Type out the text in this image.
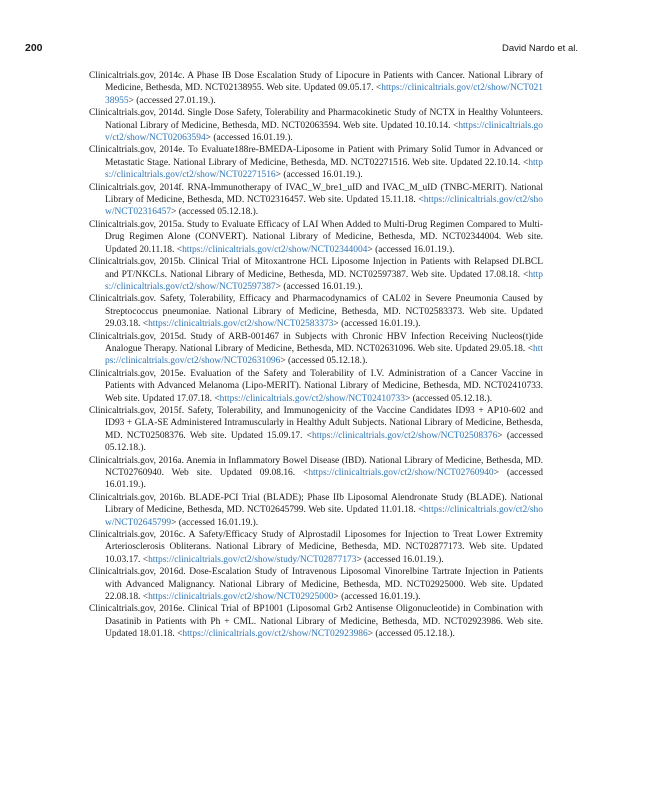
200	David Nardo et al.

Clinicaltrials.gov, 2014c. A Phase IB Dose Escalation Study of Lipocure in Patients with Cancer. National Library of Medicine, Bethesda, MD. NCT02138955. Web site. Updated 09.05.17. <https://clinicaltrials.gov/ct2/show/NCT02138955> (accessed 27.01.19.).

Clinicaltrials.gov, 2014d. Single Dose Safety, Tolerability and Pharmacokinetic Study of NCTX in Healthy Volunteers. National Library of Medicine, Bethesda, MD. NCT02063594. Web site. Updated 10.10.14. <https://clinicaltrials.gov/ct2/show/NCT02063594> (accessed 16.01.19.).

Clinicaltrials.gov, 2014e. To Evaluate188re-BMEDA-Liposome in Patient with Primary Solid Tumor in Advanced or Metastatic Stage. National Library of Medicine, Bethesda, MD. NCT02271516. Web site. Updated 22.10.14. <https://clinicaltrials.gov/ct2/show/NCT02271516> (accessed 16.01.19.).

Clinicaltrials.gov, 2014f. RNA-Immunotherapy of IVAC_W_bre1_uID and IVAC_M_uID (TNBC-MERIT). National Library of Medicine, Bethesda, MD. NCT02316457. Web site. Updated 15.11.18. <https://clinicaltrials.gov/ct2/show/NCT02316457> (accessed 05.12.18.).

Clinicaltrials.gov, 2015a. Study to Evaluate Efficacy of LAI When Added to Multi-Drug Regimen Compared to Multi-Drug Regimen Alone (CONVERT). National Library of Medicine, Bethesda, MD. NCT02344004. Web site. Updated 20.11.18. <https://clinicaltrials.gov/ct2/show/NCT02344004> (accessed 16.01.19.).

Clinicaltrials.gov, 2015b. Clinical Trial of Mitoxantrone HCL Liposome Injection in Patients with Relapsed DLBCL and PT/NKCLs. National Library of Medicine, Bethesda, MD. NCT02597387. Web site. Updated 17.08.18. <https://clinicaltrials.gov/ct2/show/NCT02597387> (accessed 16.01.19.).

Clinicaltrials.gov. Safety, Tolerability, Efficacy and Pharmacodynamics of CAL02 in Severe Pneumonia Caused by Streptococcus pneumoniae. National Library of Medicine, Bethesda, MD. NCT02583373. Web site. Updated 29.03.18. <https://clinicaltrials.gov/ct2/show/NCT02583373> (accessed 16.01.19.).

Clinicaltrials.gov, 2015d. Study of ARB-001467 in Subjects with Chronic HBV Infection Receiving Nucleos(t)ide Analogue Therapy. National Library of Medicine, Bethesda, MD. NCT02631096. Web site. Updated 29.05.18. <https://clinicaltrials.gov/ct2/show/NCT02631096> (accessed 05.12.18.).

Clinicaltrials.gov, 2015e. Evaluation of the Safety and Tolerability of I.V. Administration of a Cancer Vaccine in Patients with Advanced Melanoma (Lipo-MERIT). National Library of Medicine, Bethesda, MD. NCT02410733. Web site. Updated 17.07.18. <https://clinicaltrials.gov/ct2/show/NCT02410733> (accessed 05.12.18.).

Clinicaltrials.gov, 2015f. Safety, Tolerability, and Immunogenicity of the Vaccine Candidates ID93 + AP10-602 and ID93 + GLA-SE Administered Intramuscularly in Healthy Adult Subjects. National Library of Medicine, Bethesda, MD. NCT02508376. Web site. Updated 15.09.17. <https://clinicaltrials.gov/ct2/show/NCT02508376> (accessed 05.12.18.).

Clinicaltrials.gov, 2016a. Anemia in Inflammatory Bowel Disease (IBD). National Library of Medicine, Bethesda, MD. NCT02760940. Web site. Updated 09.08.16. <https://clinicaltrials.gov/ct2/show/NCT02760940> (accessed 16.01.19.).

Clinicaltrials.gov, 2016b. BLADE-PCI Trial (BLADE); Phase IIb Liposomal Alendronate Study (BLADE). National Library of Medicine, Bethesda, MD. NCT02645799. Web site. Updated 11.01.18. <https://clinicaltrials.gov/ct2/show/NCT02645799> (accessed 16.01.19.).

Clinicaltrials.gov, 2016c. A Safety/Efficacy Study of Alprostadil Liposomes for Injection to Treat Lower Extremity Arteriosclerosis Obliterans. National Library of Medicine, Bethesda, MD. NCT02877173. Web site. Updated 10.03.17. <https://clinicaltrials.gov/ct2/show/study/NCT02877173> (accessed 16.01.19.).

Clinicaltrials.gov, 2016d. Dose-Escalation Study of Intravenous Liposomal Vinorelbine Tartrate Injection in Patients with Advanced Malignancy. National Library of Medicine, Bethesda, MD. NCT02925000. Web site. Updated 22.08.18. <https://clinicaltrials.gov/ct2/show/NCT02925000> (accessed 16.01.19.).

Clinicaltrials.gov, 2016e. Clinical Trial of BP1001 (Liposomal Grb2 Antisense Oligonucleotide) in Combination with Dasatinib in Patients with Ph + CML. National Library of Medicine, Bethesda, MD. NCT02923986. Web site. Updated 18.01.18. <https://clinicaltrials.gov/ct2/show/NCT02923986> (accessed 05.12.18.).
